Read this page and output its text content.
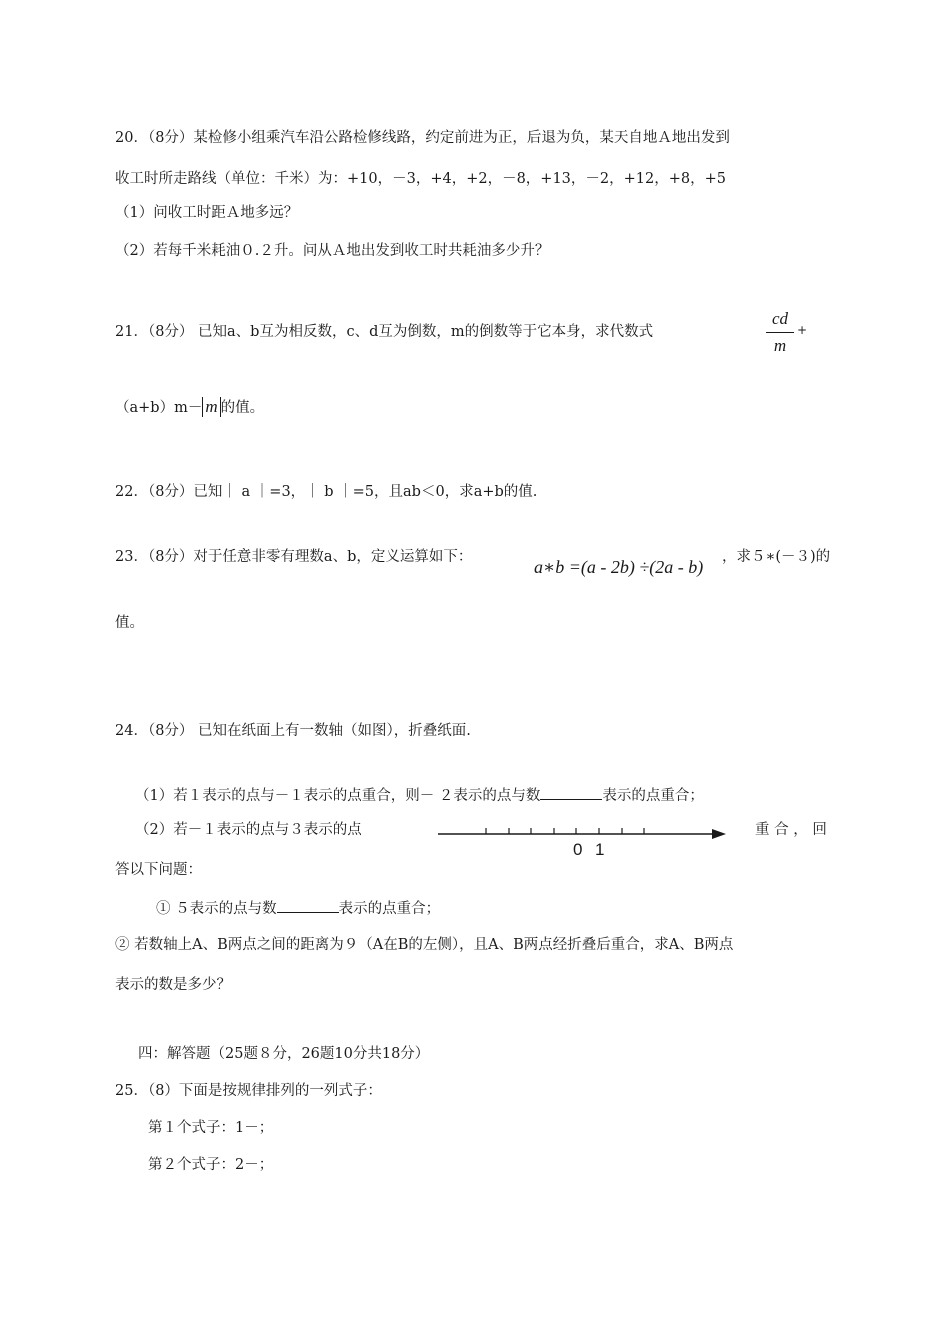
20．（8分）某检修小组乘汽车沿公路检修线路，约定前进为正，后退为负，某天自地Ａ地出发到
收工时所走路线（单位：千米）为：+10，－3，+4，+2，－8，+13，－2，+12，+8，+5
（1）问收工时距Ａ地多远？
（2）若每千米耗油０.２升。问从Ａ地出发到收工时共耗油多少升？
21．（8分） 已知a、b互为相反数，c、d互为倒数，m的倒数等于它本身，求代数式
cd
m
+
（a+b）m－ m 的值。
22．（8分）已知｜ a ｜=3，｜ b ｜=5，且ab＜0，求a+b的值.
23．（8分）对于任意非零有理数a、b，定义运算如下：	a∗b =(a - 2b) ÷(2a - b) ，求５∗(－３)的
值。
24．（8分） 已知在纸面上有一数轴（如图），折叠纸面.
（1）若１表示的点与－１表示的点重合，则－ ２表示的点与数	表示的点重合；
（2）若－１表示的点与３表示的点
0 1
重 合 ， 回
答以下问题：
① ５表示的点与数	表示的点重合；
② 若数轴上A、B两点之间的距离为９（A在B的左侧），且A、B两点经折叠后重合，求A、B两点
表示的数是多少？
四：解答题（25题８分，26题10分共18分）
25．（8）下面是按规律排列的一列式子：
第１个式子：1－；
第２个式子：2－；
